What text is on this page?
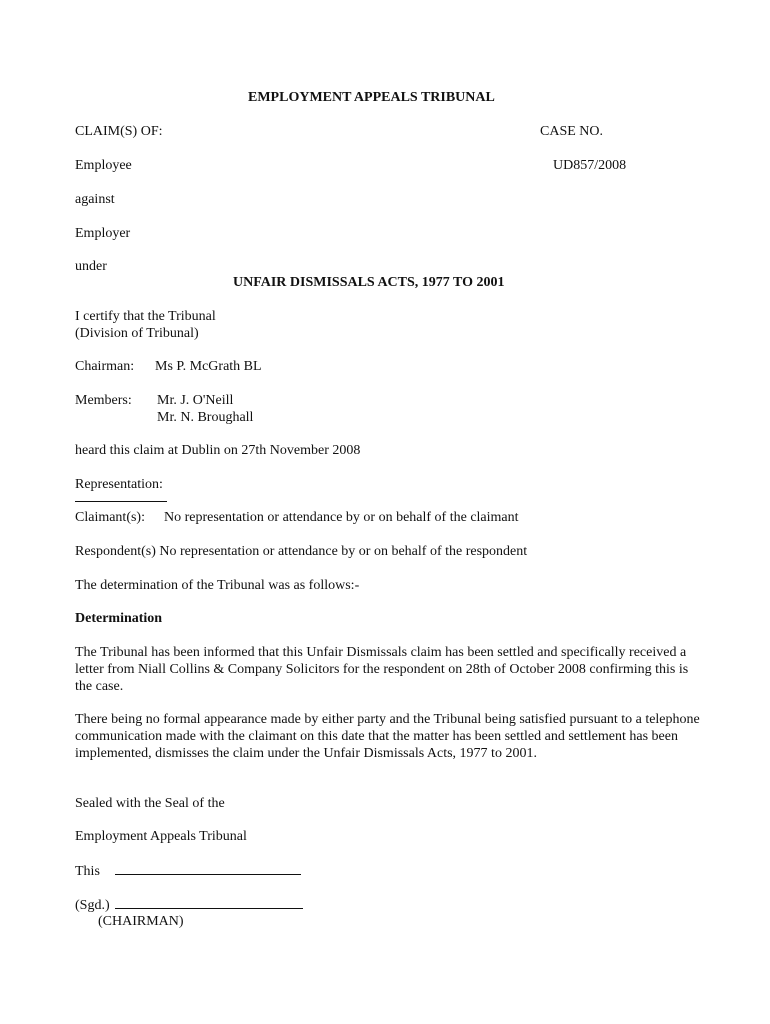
EMPLOYMENT APPEALS TRIBUNAL
CLAIM(S) OF:	CASE NO.
Employee	UD857/2008
against
Employer
under
UNFAIR DISMISSALS ACTS, 1977 TO 2001
I certify that the Tribunal
(Division of Tribunal)
Chairman: Ms P. McGrath BL
Members: Mr. J. O'Neill
Mr. N. Broughall
heard this claim at Dublin on 27th November 2008
Representation:
Claimant(s): No representation or attendance by or on behalf of the claimant
Respondent(s) No representation or attendance by or on behalf of the respondent
The determination of the Tribunal was as follows:-
Determination
The Tribunal has been informed that this Unfair Dismissals claim has been settled and specifically received a letter from Niall Collins & Company Solicitors for the respondent on 28th of October 2008 confirming this is the case.
There being no formal appearance made by either party and the Tribunal being satisfied pursuant to a telephone communication made with the claimant on this date that the matter has been settled and settlement has been implemented, dismisses the claim under the Unfair Dismissals Acts, 1977 to 2001.
Sealed with the Seal of the
Employment Appeals Tribunal
This
(Sgd.)
(CHAIRMAN)
